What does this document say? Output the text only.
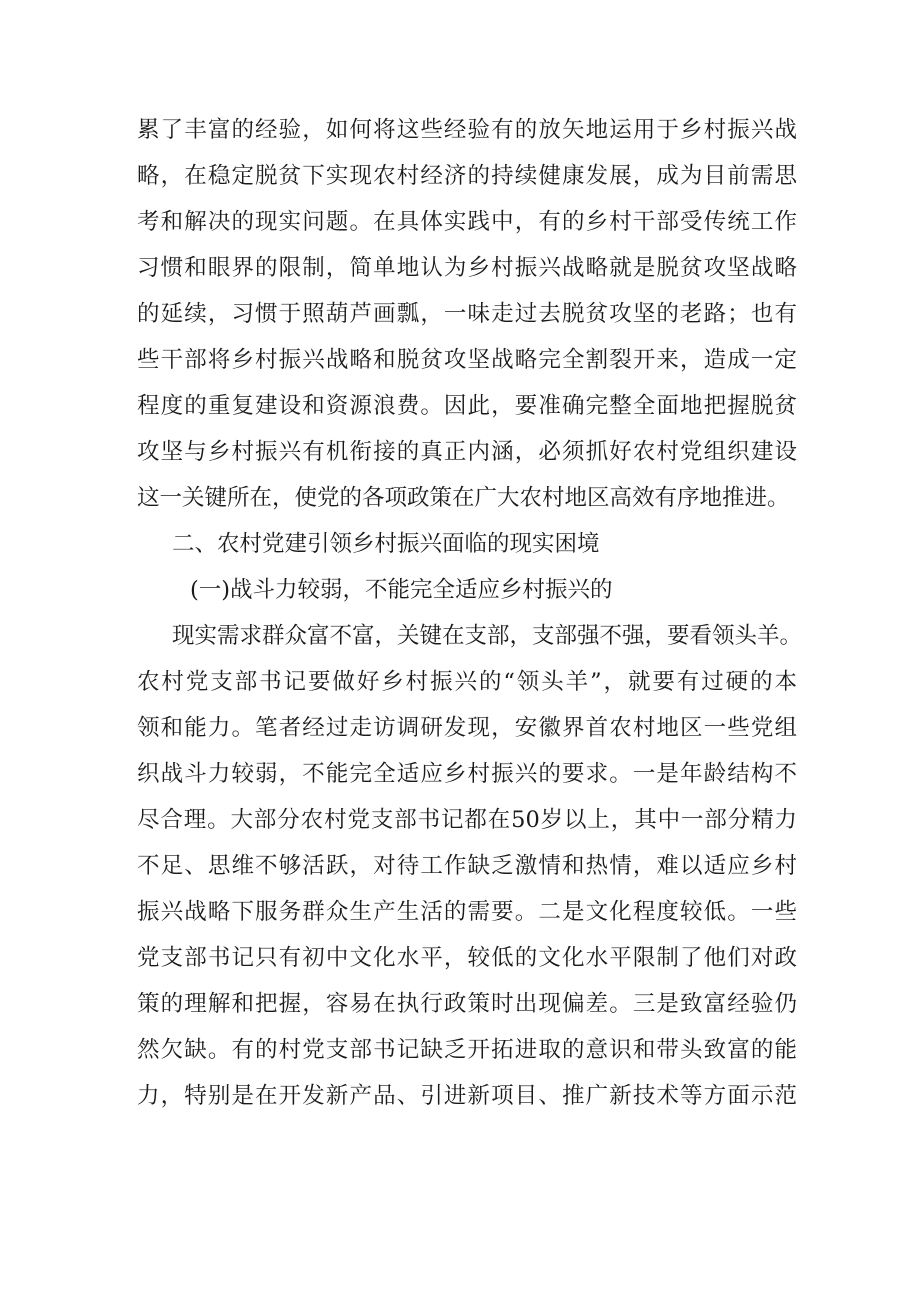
累了丰富的经验，如何将这些经验有的放矢地运用于乡村振兴战
略，在稳定脱贫下实现农村经济的持续健康发展，成为目前需思
考和解决的现实问题。在具体实践中，有的乡村干部受传统工作
习惯和眼界的限制，简单地认为乡村振兴战略就是脱贫攻坚战略
的延续，习惯于照葫芦画瓢，一味走过去脱贫攻坚的老路；也有
些干部将乡村振兴战略和脱贫攻坚战略完全割裂开来，造成一定
程度的重复建设和资源浪费。因此，要准确完整全面地把握脱贫
攻坚与乡村振兴有机衔接的真正内涵，必须抓好农村党组织建设
这一关键所在，使党的各项政策在广大农村地区高效有序地推进。
二、农村党建引领乡村振兴面临的现实困境
(一)战斗力较弱，不能完全适应乡村振兴的
现实需求群众富不富，关键在支部，支部强不强，要看领头羊。
农村党支部书记要做好乡村振兴的“领头羊”，就要有过硬的本
领和能力。笔者经过走访调研发现，安徽界首农村地区一些党组
织战斗力较弱，不能完全适应乡村振兴的要求。一是年龄结构不
尽合理。大部分农村党支部书记都在50岁以上，其中一部分精力
不足、思维不够活跃，对待工作缺乏激情和热情，难以适应乡村
振兴战略下服务群众生产生活的需要。二是文化程度较低。一些
党支部书记只有初中文化水平，较低的文化水平限制了他们对政
策的理解和把握，容易在执行政策时出现偏差。三是致富经验仍
然欠缺。有的村党支部书记缺乏开拓进取的意识和带头致富的能
力，特别是在开发新产品、引进新项目、推广新技术等方面示范
